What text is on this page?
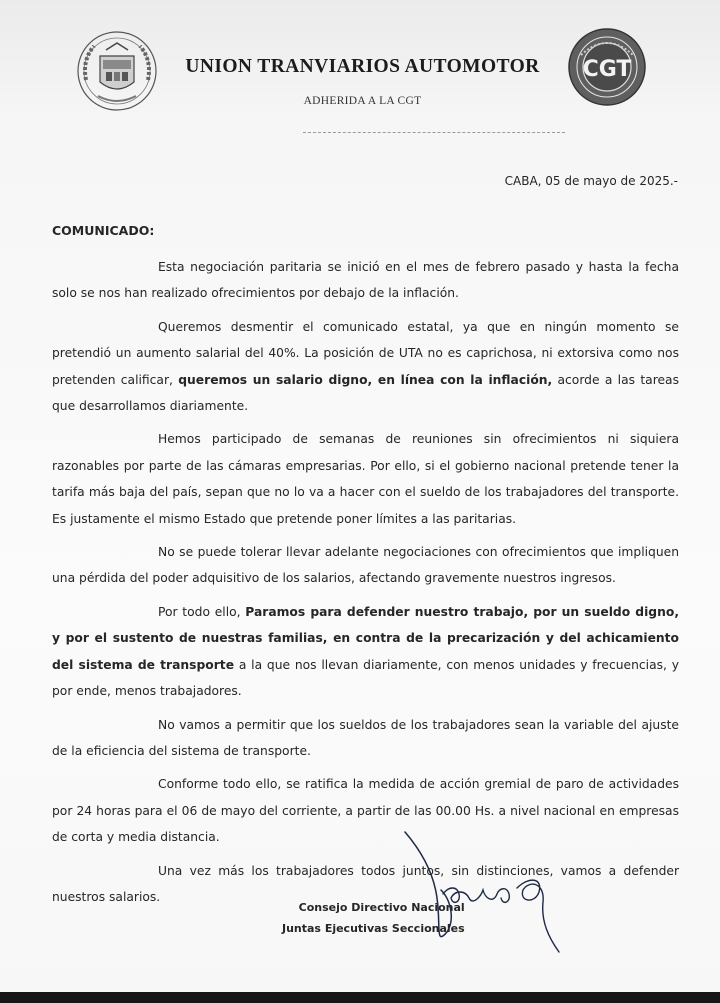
UNION TRANVIARIOS AUTOMOTOR
ADHERIDA A LA CGT
CGT
CABA, 05 de mayo de 2025.-
COMUNICADO:

Esta negociación paritaria se inició en el mes de febrero pasado y hasta la fecha solo se nos han realizado ofrecimientos por debajo de la inflación.

Queremos desmentir el comunicado estatal, ya que en ningún momento se pretendió un aumento salarial del 40%. La posición de UTA no es caprichosa, ni extorsiva como nos pretenden calificar, queremos un salario digno, en línea con la inflación, acorde a las tareas que desarrollamos diariamente.

Hemos participado de semanas de reuniones sin ofrecimientos ni siquiera razonables por parte de las cámaras empresarias. Por ello, si el gobierno nacional pretende tener la tarifa más baja del país, sepan que no lo va a hacer con el sueldo de los trabajadores del transporte. Es justamente el mismo Estado que pretende poner límites a las paritarias.

No se puede tolerar llevar adelante negociaciones con ofrecimientos que impliquen una pérdida del poder adquisitivo de los salarios, afectando gravemente nuestros ingresos.

Por todo ello, Paramos para defender nuestro trabajo, por un sueldo digno, y por el sustento de nuestras familias, en contra de la precarización y del achicamiento del sistema de transporte a la que nos llevan diariamente, con menos unidades y frecuencias, y por ende, menos trabajadores.

No vamos a permitir que los sueldos de los trabajadores sean la variable del ajuste de la eficiencia del sistema de transporte.

Conforme todo ello, se ratifica la medida de acción gremial de paro de actividades por 24 horas para el 06 de mayo del corriente, a partir de las 00.00 Hs. a nivel nacional en empresas de corta y media distancia.

Una vez más los trabajadores todos juntos, sin distinciones, vamos a defender nuestros salarios.

Consejo Directivo Nacional
Juntas Ejecutivas Seccionales
